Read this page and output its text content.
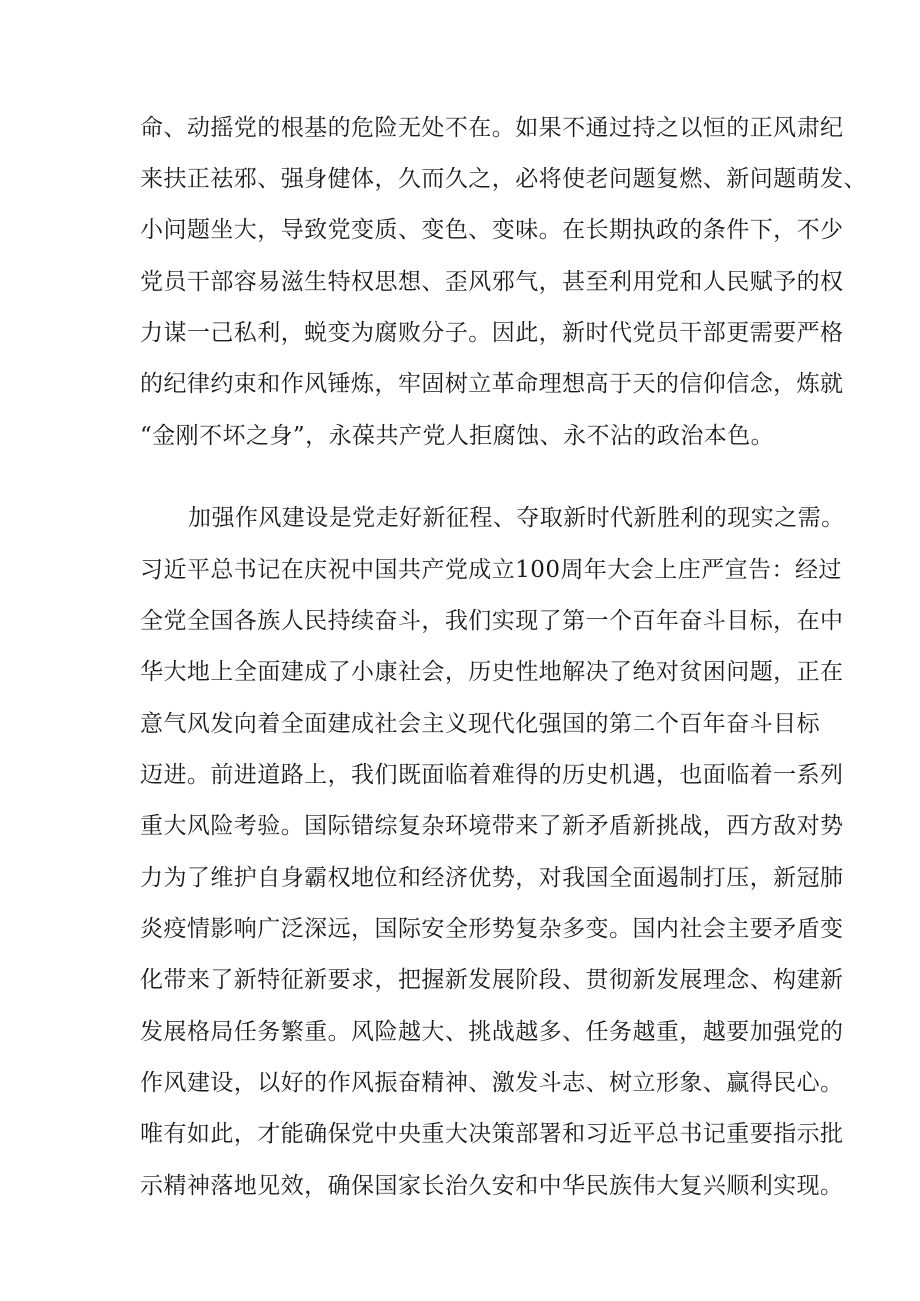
命、动摇党的根基的危险无处不在。如果不通过持之以恒的正风肃纪
来扶正祛邪、强身健体，久而久之，必将使老问题复燃、新问题萌发、
小问题坐大，导致党变质、变色、变味。在长期执政的条件下，不少
党员干部容易滋生特权思想、歪风邪气，甚至利用党和人民赋予的权
力谋一己私利，蜕变为腐败分子。因此，新时代党员干部更需要严格
的纪律约束和作风锤炼，牢固树立革命理想高于天的信仰信念，炼就
“金刚不坏之身”，永葆共产党人拒腐蚀、永不沾的政治本色。
加强作风建设是党走好新征程、夺取新时代新胜利的现实之需。
习近平总书记在庆祝中国共产党成立100周年大会上庄严宣告：经过
全党全国各族人民持续奋斗，我们实现了第一个百年奋斗目标，在中
华大地上全面建成了小康社会，历史性地解决了绝对贫困问题，正在
意气风发向着全面建成社会主义现代化强国的第二个百年奋斗目标
迈进。前进道路上，我们既面临着难得的历史机遇，也面临着一系列
重大风险考验。国际错综复杂环境带来了新矛盾新挑战，西方敌对势
力为了维护自身霸权地位和经济优势，对我国全面遏制打压，新冠肺
炎疫情影响广泛深远，国际安全形势复杂多变。国内社会主要矛盾变
化带来了新特征新要求，把握新发展阶段、贯彻新发展理念、构建新
发展格局任务繁重。风险越大、挑战越多、任务越重，越要加强党的
作风建设，以好的作风振奋精神、激发斗志、树立形象、赢得民心。
唯有如此，才能确保党中央重大决策部署和习近平总书记重要指示批
示精神落地见效，确保国家长治久安和中华民族伟大复兴顺利实现。
